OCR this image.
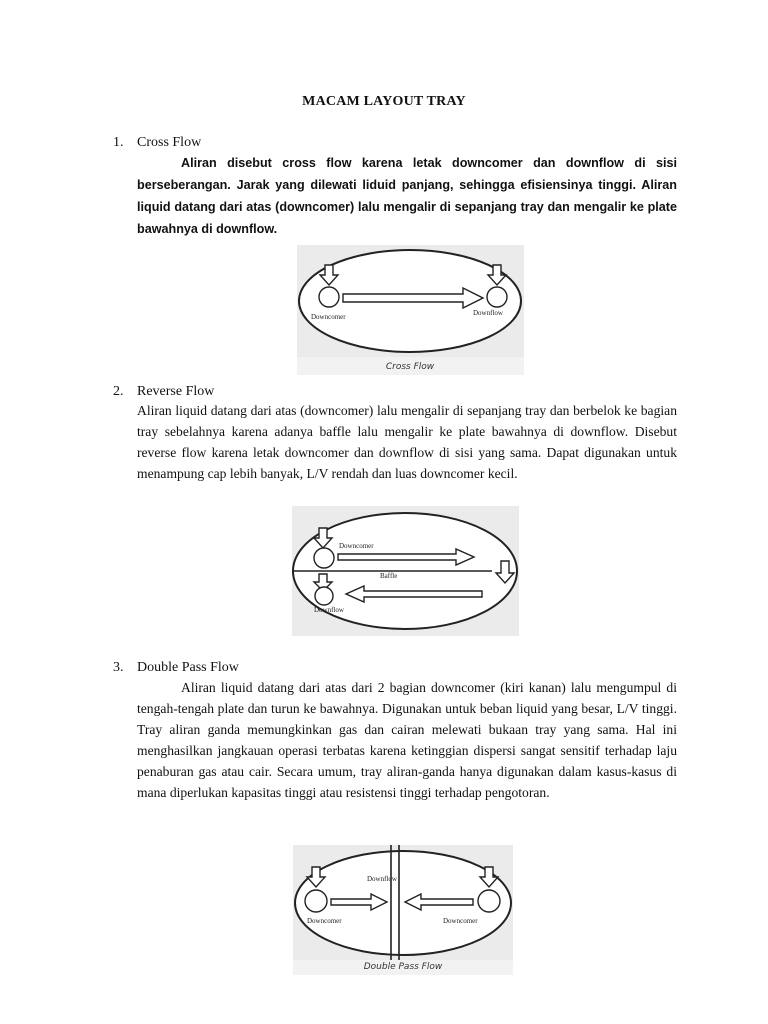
MACAM LAYOUT TRAY
1. Cross Flow

Aliran disebut cross flow karena letak downcomer dan downflow di sisi berseberangan. Jarak yang dilewati liduid panjang, sehingga efisiensinya tinggi. Aliran liquid datang dari atas (downcomer) lalu mengalir di sepanjang tray dan mengalir ke plate bawahnya di downflow.

Downcomer	Downflow
Cross Flow
2. Reverse Flow

Aliran liquid datang dari atas (downcomer) lalu mengalir di sepanjang tray dan berbelok ke bagian tray sebelahnya karena adanya baffle lalu mengalir ke plate bawahnya di downflow. Disebut reverse flow karena letak downcomer dan downflow di sisi yang sama. Dapat digunakan untuk menampung cap lebih banyak, L/V rendah dan luas downcomer kecil.

Downcomer
Baffle
Downflow
3. Double Pass Flow

Aliran liquid datang dari atas dari 2 bagian downcomer (kiri kanan) lalu mengumpul di tengah-tengah plate dan turun ke bawahnya. Digunakan untuk beban liquid yang besar, L/V tinggi. Tray aliran ganda memungkinkan gas dan cairan melewati bukaan tray yang sama. Hal ini menghasilkan jangkauan operasi terbatas karena ketinggian dispersi sangat sensitif terhadap laju penaburan gas atau cair. Secara umum, tray aliran-ganda hanya digunakan dalam kasus-kasus di mana diperlukan kapasitas tinggi atau resistensi tinggi terhadap pengotoran.

Downflow
Downcomer	Downcomer
Double Pass Flow
